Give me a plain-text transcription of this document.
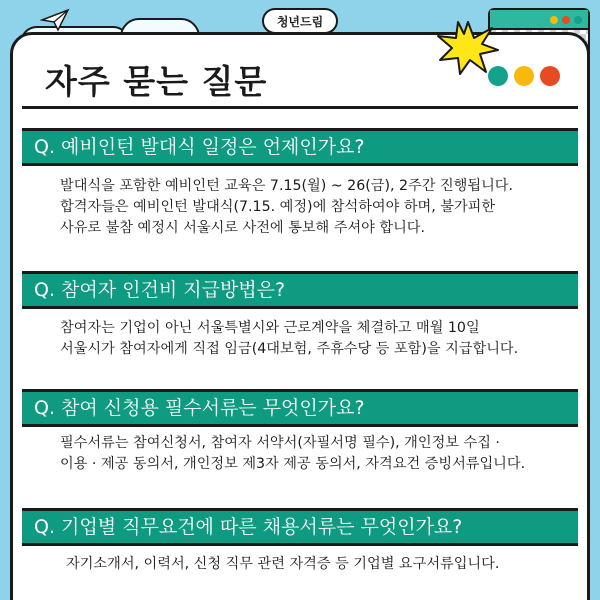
청년드림
자주 묻는 질문
Q. 예비인턴 발대식 일정은 언제인가요?
발대식을 포함한 예비인턴 교육은 7.15(월) ~ 26(금), 2주간 진행됩니다.
합격자들은 예비인턴 발대식(7.15. 예정)에 참석하여야 하며, 불가피한
사유로 불참 예정시 서울시로 사전에 통보해 주셔야 합니다.
Q. 참여자 인건비 지급방법은?
참여자는 기업이 아닌 서울특별시와 근로계약을 체결하고 매월 10일
서울시가 참여자에게 직접 임금(4대보험, 주휴수당 등 포함)을 지급합니다.
Q. 참여 신청용 필수서류는 무엇인가요?
필수서류는 참여신청서, 참여자 서약서(자필서명 필수), 개인정보 수집 ·
이용 · 제공 동의서, 개인정보 제3자 제공 동의서, 자격요건 증빙서류입니다.
Q. 기업별 직무요건에 따른 채용서류는 무엇인가요?
자기소개서, 이력서, 신청 직무 관련 자격증 등 기업별 요구서류입니다.
